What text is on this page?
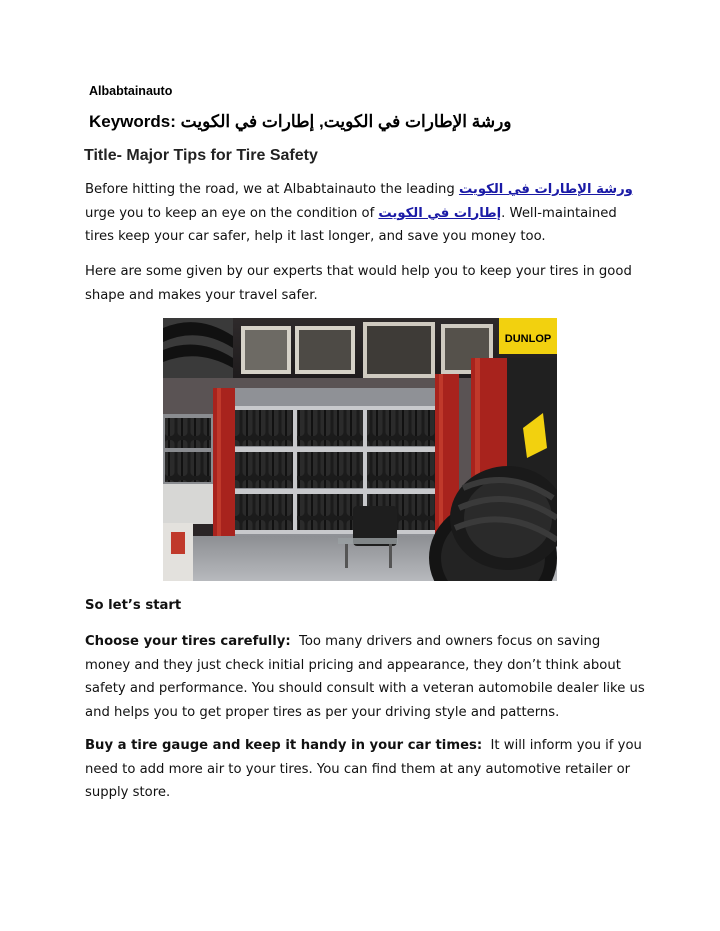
Albabtainauto
Keywords: ورشة الإطارات في الكويت, إطارات في الكويت
Title- Major Tips for Tire Safety
Before hitting the road, we at Albabtainauto the leading ورشة الإطارات في الكويت urge you to keep an eye on the condition of إطارات في الكويت. Well-maintained tires keep your car safer, help it last longer, and save you money too.
Here are some given by our experts that would help you to keep your tires in good shape and makes your travel safer.
DUNLOP
So let’s start
Choose your tires carefully: Too many drivers and owners focus on saving money and they just check initial pricing and appearance, they don’t think about safety and performance. You should consult with a veteran automobile dealer like us and helps you to get proper tires as per your driving style and patterns.
Buy a tire gauge and keep it handy in your car times: It will inform you if you need to add more air to your tires. You can find them at any automotive retailer or supply store.
